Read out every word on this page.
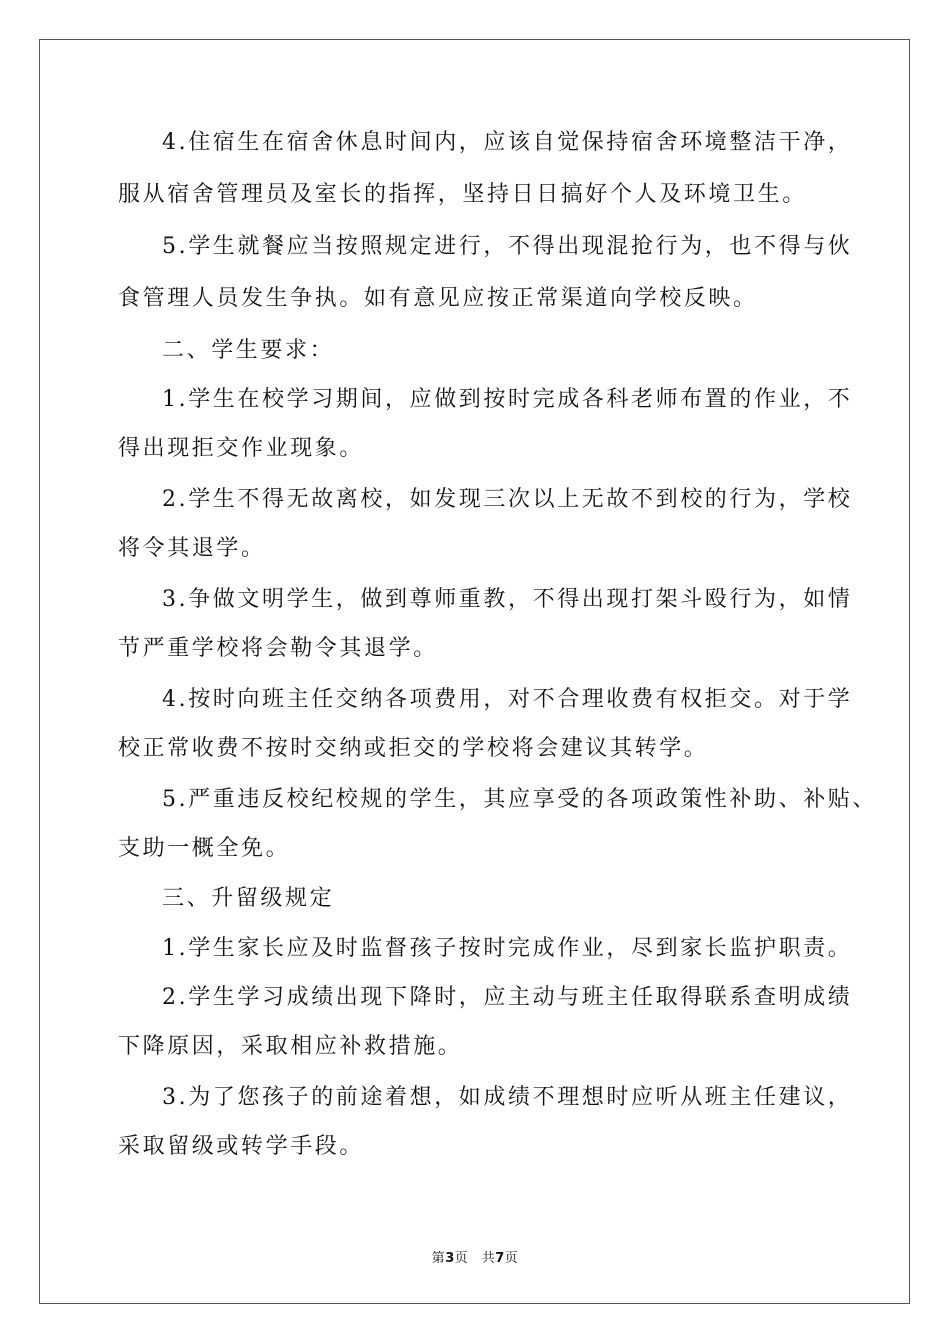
4.住宿生在宿舍休息时间内，应该自觉保持宿舍环境整洁干净，
服从宿舍管理员及室长的指挥，坚持日日搞好个人及环境卫生。
5.学生就餐应当按照规定进行，不得出现混抢行为，也不得与伙
食管理人员发生争执。如有意见应按正常渠道向学校反映。
二、学生要求：
1.学生在校学习期间，应做到按时完成各科老师布置的作业，不
得出现拒交作业现象。
2.学生不得无故离校，如发现三次以上无故不到校的行为，学校
将令其退学。
3.争做文明学生，做到尊师重教，不得出现打架斗殴行为，如情
节严重学校将会勒令其退学。
4.按时向班主任交纳各项费用，对不合理收费有权拒交。对于学
校正常收费不按时交纳或拒交的学校将会建议其转学。
5.严重违反校纪校规的学生，其应享受的各项政策性补助、补贴、
支助一概全免。
三、升留级规定
1.学生家长应及时监督孩子按时完成作业，尽到家长监护职责。
2.学生学习成绩出现下降时，应主动与班主任取得联系查明成绩
下降原因，采取相应补救措施。
3.为了您孩子的前途着想，如成绩不理想时应听从班主任建议，
采取留级或转学手段。
第3页　共7页
